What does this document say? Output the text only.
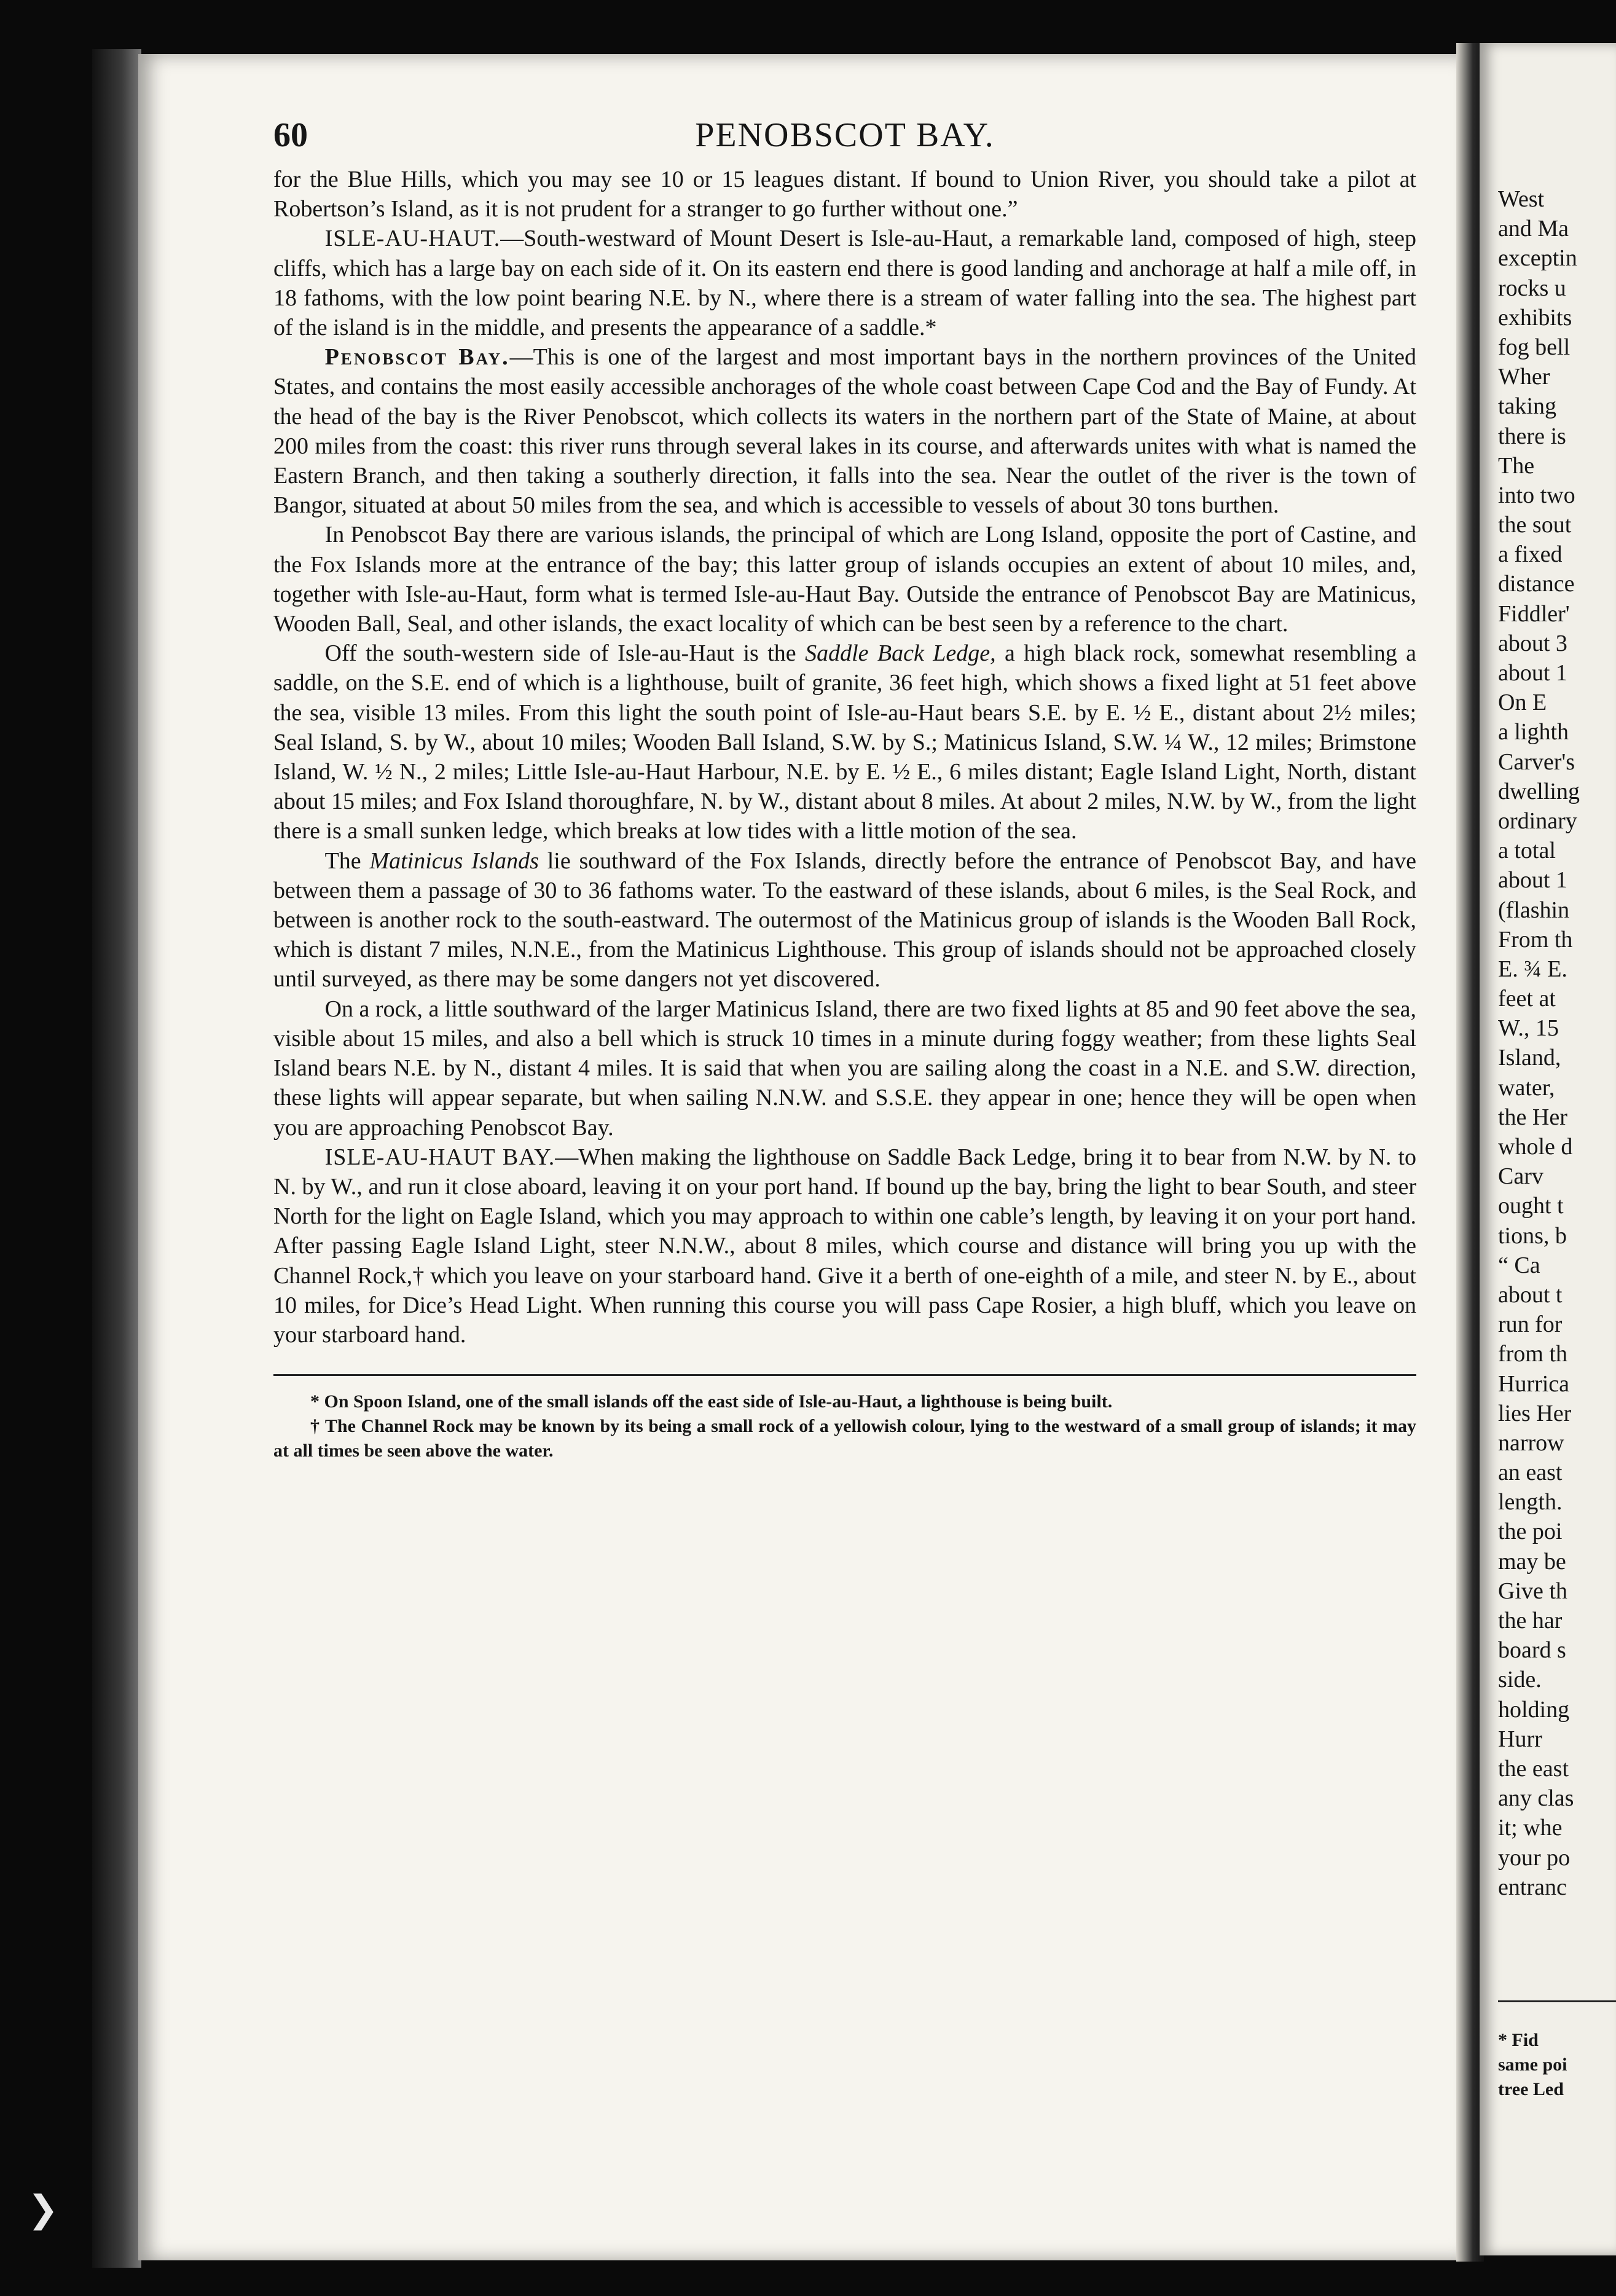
60	PENOBSCOT BAY.

for the Blue Hills, which you may see 10 or 15 leagues distant. If bound to Union River, you should take a pilot at Robertson’s Island, as it is not prudent for a stranger to go further without one.”

ISLE-AU-HAUT.—South-westward of Mount Desert is Isle-au-Haut, a remarkable land, composed of high, steep cliffs, which has a large bay on each side of it. On its eastern end there is good landing and anchorage at half a mile off, in 18 fathoms, with the low point bearing N.E. by N., where there is a stream of water falling into the sea. The highest part of the island is in the middle, and presents the appearance of a saddle.*

Penobscot Bay.—This is one of the largest and most important bays in the northern provinces of the United States, and contains the most easily accessible anchorages of the whole coast between Cape Cod and the Bay of Fundy. At the head of the bay is the River Penobscot, which collects its waters in the northern part of the State of Maine, at about 200 miles from the coast: this river runs through several lakes in its course, and afterwards unites with what is named the Eastern Branch, and then taking a southerly direction, it falls into the sea. Near the outlet of the river is the town of Bangor, situated at about 50 miles from the sea, and which is accessible to vessels of about 30 tons burthen.

In Penobscot Bay there are various islands, the principal of which are Long Island, opposite the port of Castine, and the Fox Islands more at the entrance of the bay; this latter group of islands occupies an extent of about 10 miles, and, together with Isle-au-Haut, form what is termed Isle-au-Haut Bay. Outside the entrance of Penobscot Bay are Matinicus, Wooden Ball, Seal, and other islands, the exact locality of which can be best seen by a reference to the chart.

Off the south-western side of Isle-au-Haut is the Saddle Back Ledge, a high black rock, somewhat resembling a saddle, on the S.E. end of which is a lighthouse, built of granite, 36 feet high, which shows a fixed light at 51 feet above the sea, visible 13 miles. From this light the south point of Isle-au-Haut bears S.E. by E. ½ E., distant about 2½ miles; Seal Island, S. by W., about 10 miles; Wooden Ball Island, S.W. by S.; Matinicus Island, S.W. ¼ W., 12 miles; Brimstone Island, W. ½ N., 2 miles; Little Isle-au-Haut Harbour, N.E. by E. ½ E., 6 miles distant; Eagle Island Light, North, distant about 15 miles; and Fox Island thoroughfare, N. by W., distant about 8 miles. At about 2 miles, N.W. by W., from the light there is a small sunken ledge, which breaks at low tides with a little motion of the sea.

The Matinicus Islands lie southward of the Fox Islands, directly before the entrance of Penobscot Bay, and have between them a passage of 30 to 36 fathoms water. To the eastward of these islands, about 6 miles, is the Seal Rock, and between is another rock to the south-eastward. The outermost of the Matinicus group of islands is the Wooden Ball Rock, which is distant 7 miles, N.N.E., from the Matinicus Lighthouse. This group of islands should not be approached closely until surveyed, as there may be some dangers not yet discovered.

On a rock, a little southward of the larger Matinicus Island, there are two fixed lights at 85 and 90 feet above the sea, visible about 15 miles, and also a bell which is struck 10 times in a minute during foggy weather; from these lights Seal Island bears N.E. by N., distant 4 miles. It is said that when you are sailing along the coast in a N.E. and S.W. direction, these lights will appear separate, but when sailing N.N.W. and S.S.E. they appear in one; hence they will be open when you are approaching Penobscot Bay.

ISLE-AU-HAUT BAY.—When making the lighthouse on Saddle Back Ledge, bring it to bear from N.W. by N. to N. by W., and run it close aboard, leaving it on your port hand. If bound up the bay, bring the light to bear South, and steer North for the light on Eagle Island, which you may approach to within one cable’s length, by leaving it on your port hand. After passing Eagle Island Light, steer N.N.W., about 8 miles, which course and distance will bring you up with the Channel Rock,† which you leave on your starboard hand. Give it a berth of one-eighth of a mile, and steer N. by E., about 10 miles, for Dice’s Head Light. When running this course you will pass Cape Rosier, a high bluff, which you leave on your starboard hand.

* On Spoon Island, one of the small islands off the east side of Isle-au-Haut, a lighthouse is being built.

† The Channel Rock may be known by its being a small rock of a yellowish colour, lying to the westward of a small group of islands; it may at all times be seen above the water.

West
and Ma
exceptin
rocks u
exhibits
fog bell
Wher
taking
there is
The
into two
the sout
a fixed
distance
Fiddler'
about 3
about 1
On E
a lighth
Carver's
dwelling
ordinary
a total
about 1
(flashin
From th
E. ¾ E.
feet at
W., 15
Island,
water,
the Her
whole d
Carv
ought t
tions, b
“ Ca
about t
run for
from th
Hurrica
lies Her
narrow
an east
length.
the poi
may be
Give th
the har
board s
side.
holding
Hurr
the east
any clas
it; whe
your po
entranc
* Fid
same poi
tree Led
❯
